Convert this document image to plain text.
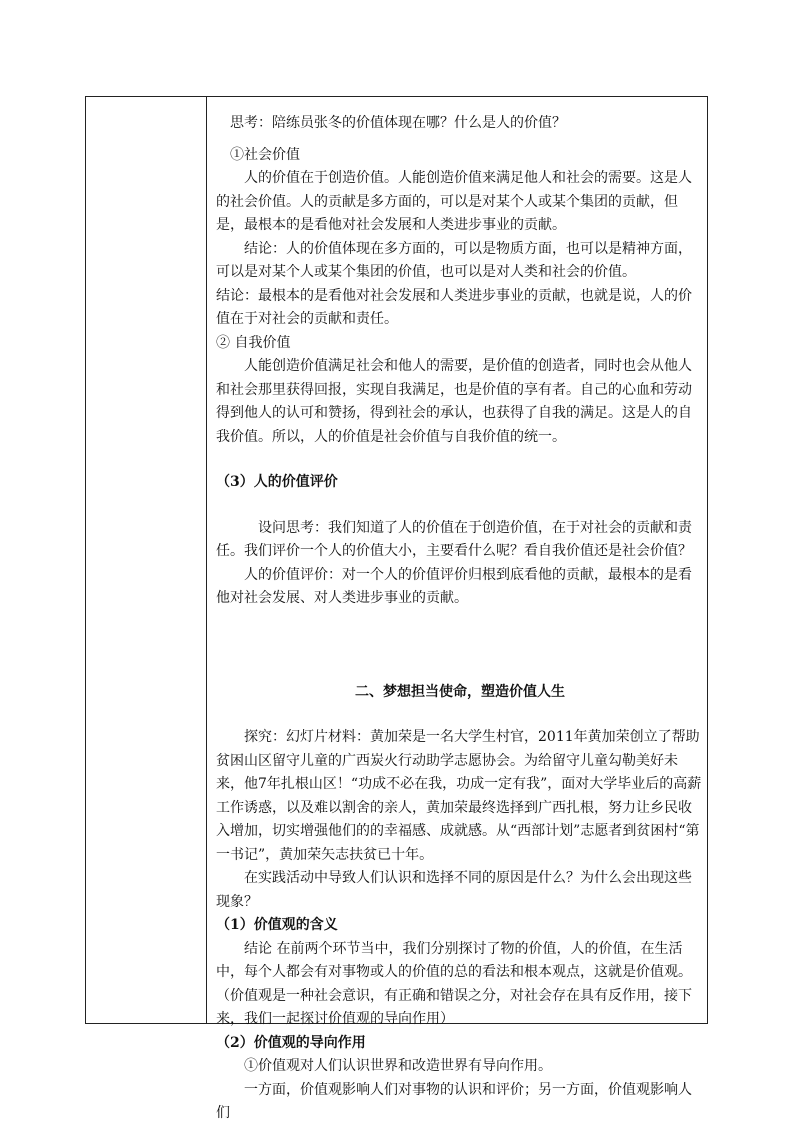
思考：陪练员张冬的价值体现在哪？什么是人的价值？

①社会价值

人的价值在于创造价值。人能创造价值来满足他人和社会的需要。这是人的社会价值。人的贡献是多方面的，可以是对某个人或某个集团的贡献，但是，最根本的是看他对社会发展和人类进步事业的贡献。

结论：人的价值体现在多方面的，可以是物质方面，也可以是精神方面，可以是对某个人或某个集团的价值，也可以是对人类和社会的价值。

结论：最根本的是看他对社会发展和人类进步事业的贡献，也就是说，人的价值在于对社会的贡献和责任。

② 自我价值

人能创造价值满足社会和他人的需要，是价值的创造者，同时也会从他人和社会那里获得回报，实现自我满足，也是价值的享有者。自己的心血和劳动得到他人的认可和赞扬，得到社会的承认，也获得了自我的满足。这是人的自我价值。所以，人的价值是社会价值与自我价值的统一。

（3）人的价值评价

设问思考：我们知道了人的价值在于创造价值，在于对社会的贡献和责任。我们评价一个人的价值大小，主要看什么呢？看自我价值还是社会价值？

人的价值评价：对一个人的价值评价归根到底看他的贡献，最根本的是看他对社会发展、对人类进步事业的贡献。

二、梦想担当使命，塑造价值人生

探究：幻灯片材料：黄加荣是一名大学生村官，2011年黄加荣创立了帮助贫困山区留守儿童的广西炭火行动助学志愿协会。为给留守儿童勾勒美好未来，他7年扎根山区！“功成不必在我，功成一定有我”，面对大学毕业后的高薪工作诱惑，以及难以割舍的亲人，黄加荣最终选择到广西扎根，努力让乡民收入增加，切实增强他们的的幸福感、成就感。从“西部计划”志愿者到贫困村“第一书记”，黄加荣矢志扶贫已十年。

在实践活动中导致人们认识和选择不同的原因是什么？为什么会出现这些现象？

（1）价值观的含义

结论 在前两个环节当中，我们分别探讨了物的价值，人的价值，在生活中，每个人都会有对事物或人的价值的总的看法和根本观点，这就是价值观。

（价值观是一种社会意识，有正确和错误之分，对社会存在具有反作用，接下来，我们一起探讨价值观的导向作用）

（2）价值观的导向作用

①价值观对人们认识世界和改造世界有导向作用。

一方面，价值观影响人们对事物的认识和评价；另一方面，价值观影响人们
